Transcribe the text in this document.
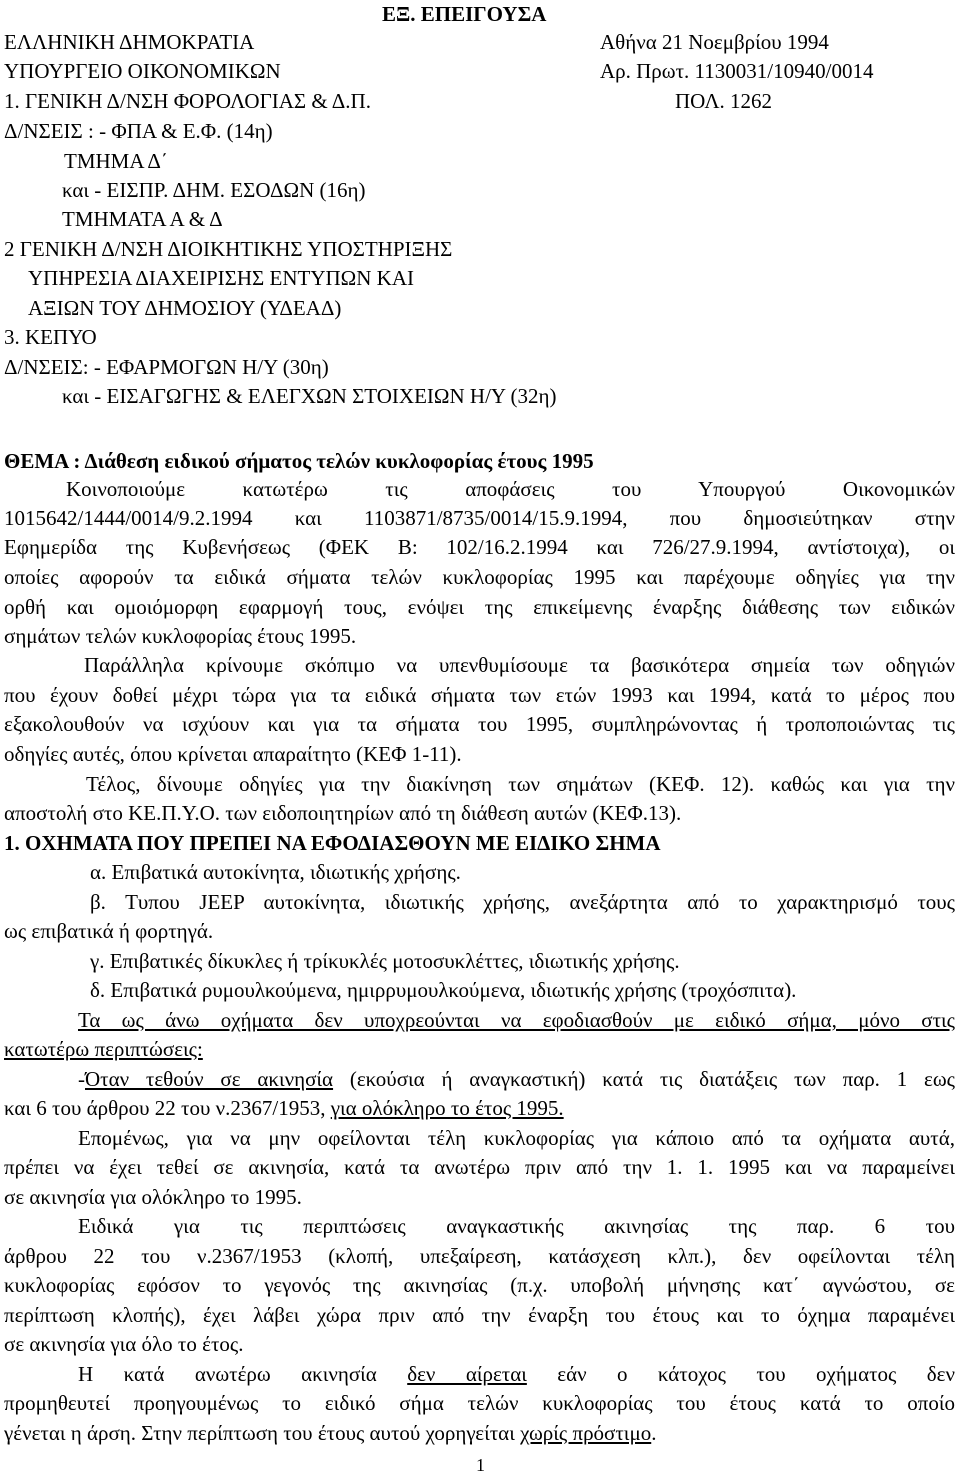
ΕΞ. ΕΠΕΙΓΟΥΣΑ
ΕΛΛΗΝΙΚΗ ΔΗΜΟΚΡΑΤΙΑ
ΥΠΟΥΡΓΕΙΟ ΟΙΚΟΝΟΜΙΚΩΝ
1. ΓΕΝΙΚΗ Δ/ΝΣΗ ΦΟΡΟΛΟΓΙΑΣ & Δ.Π.
Δ/ΝΣΕΙΣ : - ΦΠΑ & Ε.Φ. (14η)
ΤΜΗΜΑ Δ΄
και - ΕΙΣΠΡ. ΔΗΜ. ΕΣΟΔΩΝ (16η)
ΤΜΗΜΑΤΑ Α & Δ
2 ΓΕΝΙΚΗ Δ/ΝΣΗ ΔΙΟΙΚΗΤΙΚΗΣ ΥΠΟΣΤΗΡΙΞΗΣ
ΥΠΗΡΕΣΙΑ ΔΙΑΧΕΙΡΙΣΗΣ ΕΝΤΥΠΩΝ ΚΑΙ
ΑΞΙΩΝ ΤΟΥ ΔΗΜΟΣΙΟΥ (ΥΔΕΑΔ)
3. ΚΕΠΥΟ
Δ/ΝΣΕΙΣ: - ΕΦΑΡΜΟΓΩΝ Η/Υ (30η)
και - ΕΙΣΑΓΩΓΗΣ & ΕΛΕΓΧΩΝ ΣΤΟΙΧΕΙΩΝ Η/Υ (32η)
Αθήνα 21 Νοεμβρίου 1994
Αρ. Πρωτ. 1130031/10940/0014
ΠΟΛ. 1262
ΘΕΜΑ : Διάθεση ειδικού σήματος τελών κυκλοφορίας έτους 1995
Κοινοποιούμε κατωτέρω τις αποφάσεις του Υπουργού Οικονομικών
1015642/1444/0014/9.2.1994 και 1103871/8735/0014/15.9.1994, που δημοσιεύτηκαν στην
Εφημερίδα της Κυβενήσεως (ΦΕΚ Β: 102/16.2.1994 και 726/27.9.1994, αντίστοιχα), οι
οποίες αφορούν τα ειδικά σήματα τελών κυκλοφορίας 1995 και παρέχουμε οδηγίες για την
ορθή και ομοιόμορφη εφαρμογή τους, ενόψει της επικείμενης έναρξης διάθεσης των ειδικών
σημάτων τελών κυκλοφορίας έτους 1995.
Παράλληλα κρίνουμε σκόπιμο να υπενθυμίσουμε τα βασικότερα σημεία των οδηγιών
που έχουν δοθεί μέχρι τώρα για τα ειδικά σήματα των ετών 1993 και 1994, κατά το μέρος που
εξακολουθούν να ισχύουν και για τα σήματα του 1995, συμπληρώνοντας ή τροποποιώντας τις
οδηγίες αυτές, όπου κρίνεται απαραίτητο (ΚΕΦ 1-11).
Τέλος, δίνουμε οδηγίες για την διακίνηση των σημάτων (ΚΕΦ. 12). καθώς και για την
αποστολή στο ΚΕ.Π.Υ.Ο. των ειδοποιητηρίων από τη διάθεση αυτών (ΚΕΦ.13).
1. ΟΧΗΜΑΤΑ ΠΟΥ ΠΡΕΠΕΙ ΝΑ ΕΦΟΔΙΑΣΘΟΥΝ ΜΕ ΕΙΔΙΚΟ ΣΗΜΑ
α. Επιβατικά αυτοκίνητα, ιδιωτικής χρήσης.
β. Τυπου JEEP αυτοκίνητα, ιδιωτικής χρήσης, ανεξάρτητα από το χαρακτηρισμό τους
ως επιβατικά ή φορτηγά.
γ. Επιβατικές δίκυκλες ή τρίκυκλές μοτοσυκλέττες, ιδιωτικής χρήσης.
δ. Επιβατικά ρυμουλκούμενα, ημιρρυμουλκούμενα, ιδιωτικής χρήσης (τροχόσπιτα).
Τα ως άνω οχήματα δεν υποχρεούνται να εφοδιασθούν με ειδικό σήμα, μόνο στις
κατωτέρω περιπτώσεις:
-Όταν τεθούν σε ακινησία (εκούσια ή αναγκαστική) κατά τις διατάξεις των παρ. 1 εως
και 6 του άρθρου 22 του ν.2367/1953, για ολόκληρο το έτος 1995.
Επομένως, για να μην οφείλονται τέλη κυκλοφορίας για κάποιο από τα οχήματα αυτά,
πρέπει να έχει τεθεί σε ακινησία, κατά τα ανωτέρω πριν από την 1. 1. 1995 και να παραμείνει
σε ακινησία για ολόκληρο το 1995.
Ειδικά για τις περιπτώσεις αναγκαστικής ακινησίας της παρ. 6 του
άρθρου 22 του ν.2367/1953 (κλοπή, υπεξαίρεση, κατάσχεση κλπ.), δεν οφείλονται τέλη
κυκλοφορίας εφόσον το γεγονός της ακινησίας (π.χ. υποβολή μήνησης κατ΄ αγνώστου, σε
περίπτωση κλοπής), έχει λάβει χώρα πριν από την έναρξη του έτους και το όχημα παραμένει
σε ακινησία για όλο το έτος.
Η κατά ανωτέρω ακινησία δεν αίρεται εάν ο κάτοχος του οχήματος δεν
προμηθευτεί προηγουμένως το ειδικό σήμα τελών κυκλοφορίας του έτους κατά το οποίο
γένεται η άρση. Στην περίπτωση του έτους αυτού χορηγείται χωρίς πρόστιμο.
1
